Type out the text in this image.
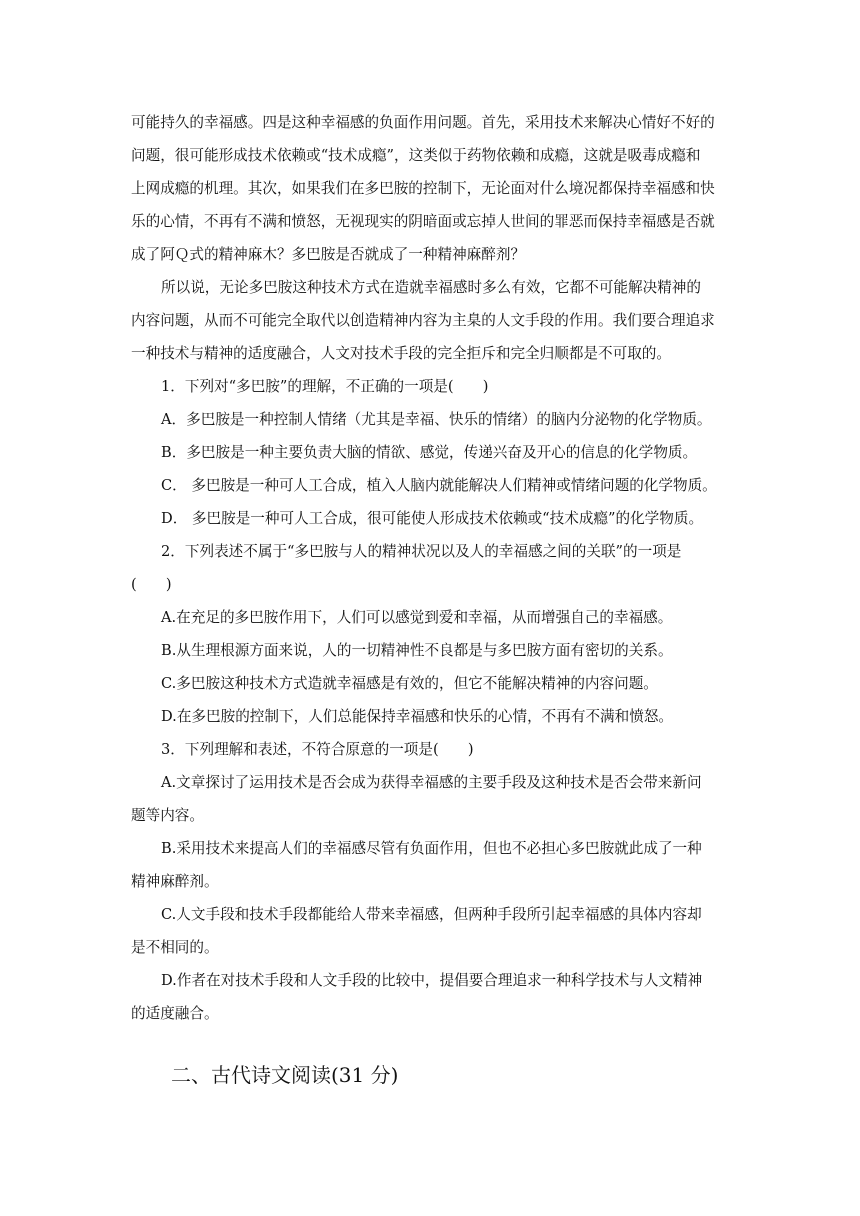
可能持久的幸福感。四是这种幸福感的负面作用问题。首先，采用技术来解决心情好不好的
问题，很可能形成技术依赖或“技术成瘾”，这类似于药物依赖和成瘾，这就是吸毒成瘾和
上网成瘾的机理。其次，如果我们在多巴胺的控制下，无论面对什么境况都保持幸福感和快
乐的心情，不再有不满和愤怒，无视现实的阴暗面或忘掉人世间的罪恶而保持幸福感是否就
成了阿Ｑ式的精神麻木？多巴胺是否就成了一种精神麻醉剂？
所以说，无论多巴胺这种技术方式在造就幸福感时多么有效，它都不可能解决精神的
内容问题，从而不可能完全取代以创造精神内容为主臬的人文手段的作用。我们要合理追求
一种技术与精神的适度融合，人文对技术手段的完全拒斥和完全归顺都是不可取的。
1．下列对“多巴胺”的理解，不正确的一项是(　　)
A．多巴胺是一种控制人情绪（尤其是幸福、快乐的情绪）的脑内分泌物的化学物质。
B．多巴胺是一种主要负责大脑的情欲、感觉，传递兴奋及开心的信息的化学物质。
C． 多巴胺是一种可人工合成，植入人脑内就能解决人们精神或情绪问题的化学物质。
D． 多巴胺是一种可人工合成，很可能使人形成技术依赖或“技术成瘾”的化学物质。
2．下列表述不属于“多巴胺与人的精神状况以及人的幸福感之间的关联”的一项是
(　　)
A.在充足的多巴胺作用下，人们可以感觉到爱和幸福，从而增强自己的幸福感。
B.从生理根源方面来说，人的一切精神性不良都是与多巴胺方面有密切的关系。
C.多巴胺这种技术方式造就幸福感是有效的，但它不能解决精神的内容问题。
D.在多巴胺的控制下，人们总能保持幸福感和快乐的心情，不再有不满和愤怒。
3．下列理解和表述，不符合原意的一项是(　　)
A.文章探讨了运用技术是否会成为获得幸福感的主要手段及这种技术是否会带来新问
题等内容。
B.采用技术来提高人们的幸福感尽管有负面作用，但也不必担心多巴胺就此成了一种
精神麻醉剂。
C.人文手段和技术手段都能给人带来幸福感，但两种手段所引起幸福感的具体内容却
是不相同的。
D.作者在对技术手段和人文手段的比较中，提倡要合理追求一种科学技术与人文精神
的适度融合。
二、古代诗文阅读(31 分)
